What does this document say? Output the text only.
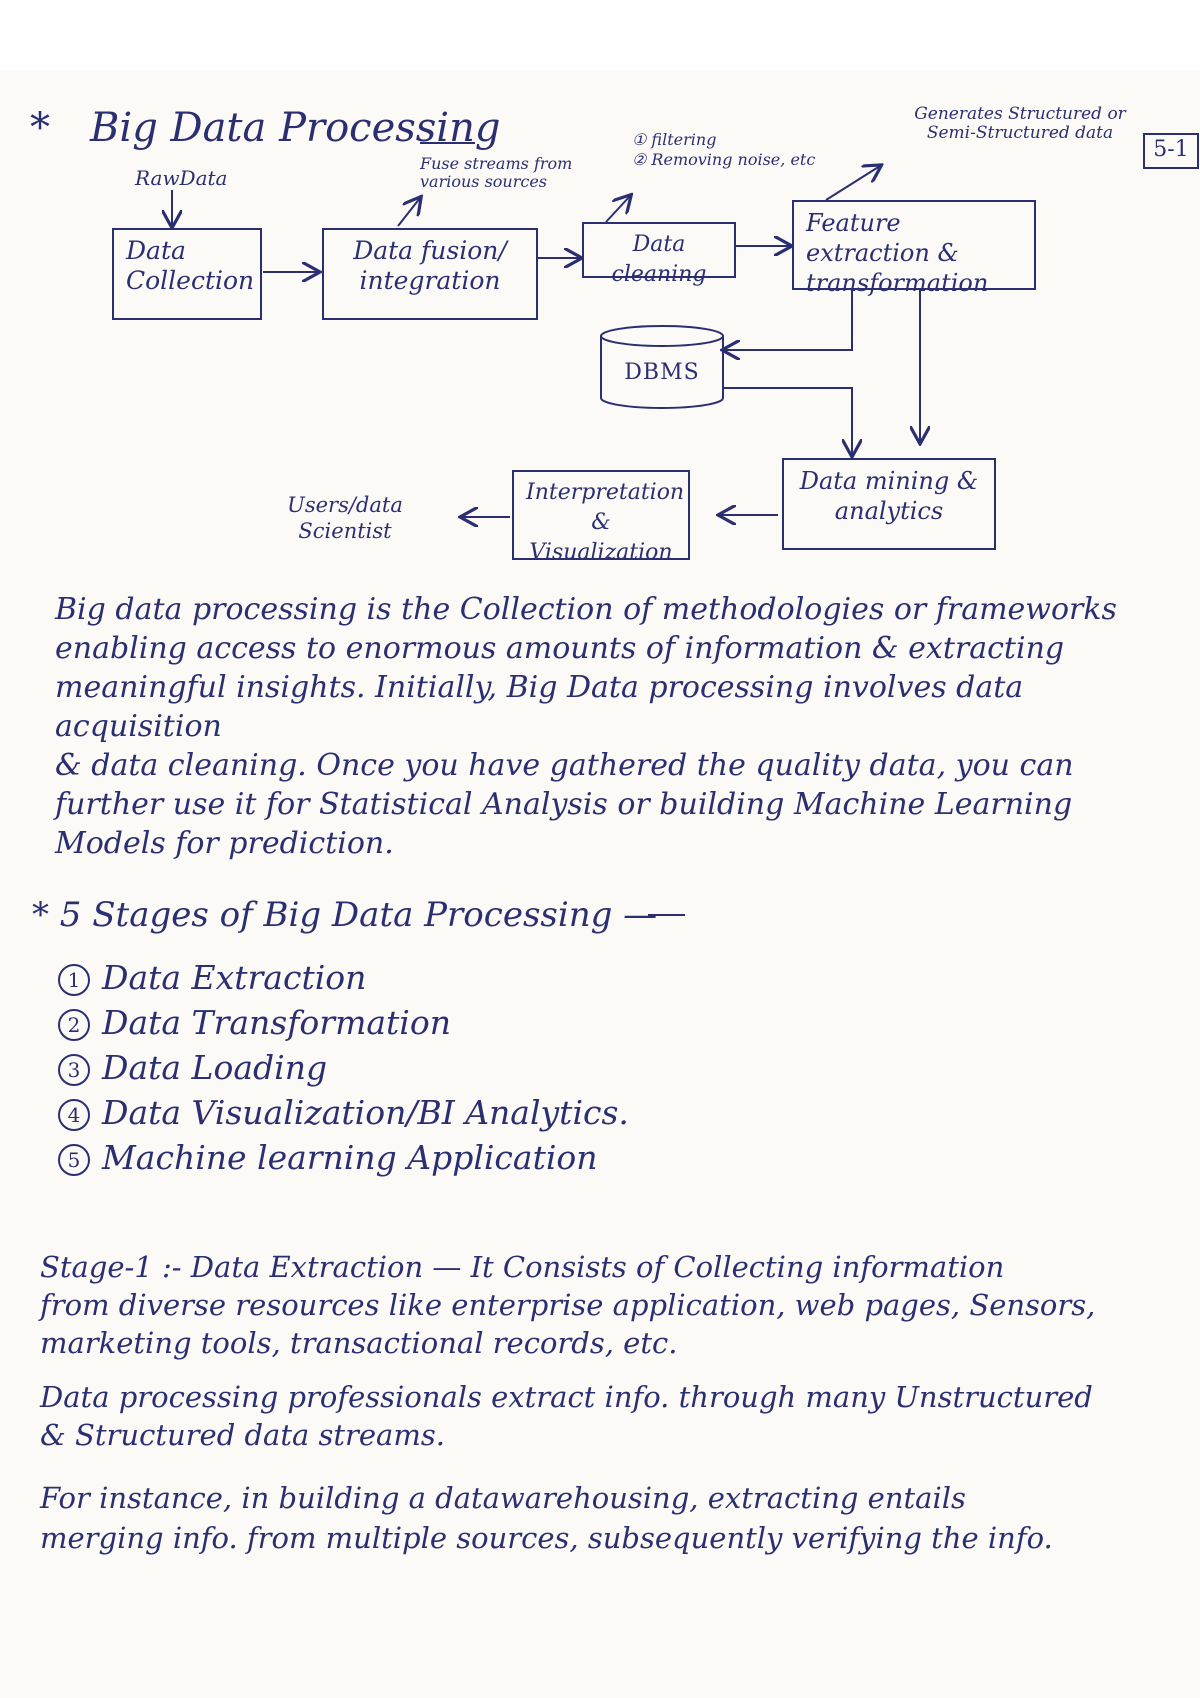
* Big Data Processing	5-1
RawData
Fuse streams from various sources
① filtering
② Removing noise, etc
Generates Structured or Semi-Structured data
Data Collection
Data fusion/ integration
Data cleaning
Feature extraction & transformation
DBMS
Data mining & analytics
Interpretation & Visualization
Users/data Scientist
Big data processing is the Collection of methodologies or frameworks
enabling access to enormous amounts of information & extracting
meaningful insights. Initially, Big Data processing involves data acquisition
& data cleaning. Once you have gathered the quality data, you can
further use it for Statistical Analysis or building Machine Learning
Models for prediction.
* 5 Stages of Big Data Processing —
1 Data Extraction
2 Data Transformation
3 Data Loading
4 Data Visualization/BI Analytics.
5 Machine learning Application
Stage-1 :- Data Extraction — It Consists of Collecting information
from diverse resources like enterprise application, web pages, Sensors,
marketing tools, transactional records, etc.
Data processing professionals extract info. through many Unstructured
& Structured data streams.
For instance, in building a datawarehousing, extracting entails
merging info. from multiple sources, subsequently verifying the info.
